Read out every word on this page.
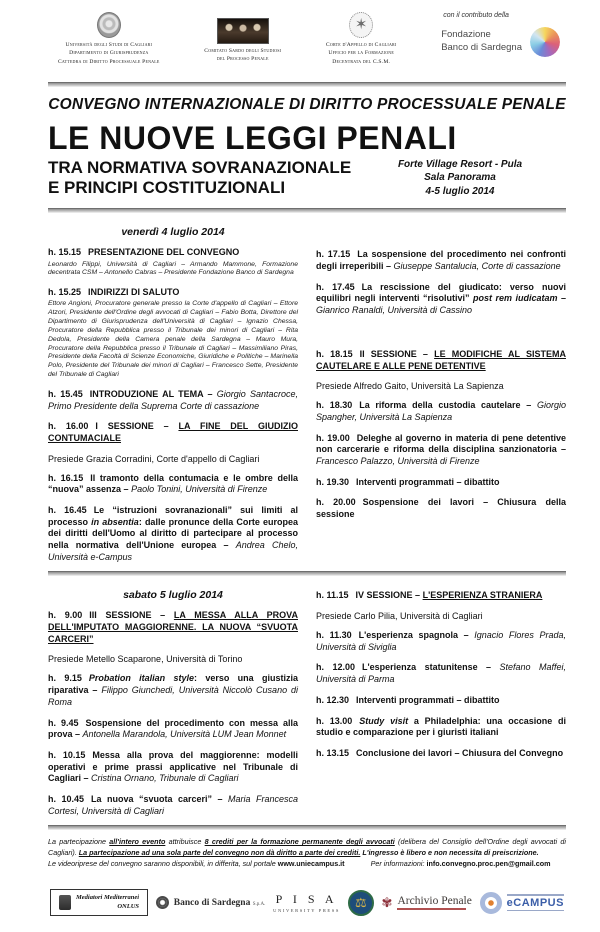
Università degli Studi di Cagliari
Dipartimento di Giurisprudenza
Cattedra di Diritto Processuale Penale
Comitato Sardo degli Studiosi
del Processo Penale
✶
Corte d'Appello di Cagliari
Ufficio per la Formazione
Decentrata del C.S.M.
con il contributo della
Fondazione
Banco di Sardegna
CONVEGNO INTERNAZIONALE DI DIRITTO PROCESSUALE PENALE
LE NUOVE LEGGI PENALI
TRA NORMATIVA SOVRANAZIONALE
E PRINCIPI COSTITUZIONALI
Forte Village Resort - Pula
Sala Panorama
4-5 luglio 2014
venerdì 4 luglio 2014

h. 15.15 PRESENTAZIONE DEL CONVEGNO

Leonardo Filippi, Università di Cagliari – Armando Mammone, Formazione decentrata CSM – Antonello Cabras – Presidente Fondazione Banco di Sardegna

h. 15.25 INDIRIZZI DI SALUTO

Ettore Angioni, Procuratore generale presso la Corte d'appello di Cagliari – Ettore Atzori, Presidente dell'Ordine degli avvocati di Cagliari – Fabio Botta, Direttore del Dipartimento di Giurisprudenza dell'Università di Cagliari – Ignazio Chessa, Procuratore della Repubblica presso il Tribunale dei minori di Cagliari – Rita Dedola, Presidente della Camera penale della Sardegna – Mauro Mura, Procuratore della Repubblica presso il Tribunale di Cagliari – Massimiliano Piras, Presidente della Facoltà di Scienze Economiche, Giuridiche e Politiche – Marinella Polo, Presidente del Tribunale dei minori di Cagliari – Francesco Sette, Presidente del Tribunale di Cagliari

h. 15.45 INTRODUZIONE AL TEMA – Giorgio Santacroce, Primo Presidente della Suprema Corte di cassazione

h. 16.00 I SESSIONE – LA FINE DEL GIUDIZIO CONTUMACIALE

Presiede Grazia Corradini, Corte d'appello di Cagliari

h. 16.15 Il tramonto della contumacia e le ombre della “nuova” assenza – Paolo Tonini, Università di Firenze

h. 16.45 Le “istruzioni sovranazionali” sui limiti al processo in absentia: dalle pronunce della Corte europea dei diritti dell'Uomo al diritto di partecipare al processo nella normativa dell'Unione europea – Andrea Chelo, Università e-Campus

h. 17.15 La sospensione del procedimento nei confronti degli irreperibili – Giuseppe Santalucia, Corte di cassazione

h. 17.45 La rescissione del giudicato: verso nuovi equilibri negli interventi “risolutivi” post rem iudicatam – Gianrico Ranaldi, Università di Cassino

h. 18.15 II SESSIONE – LE MODIFICHE AL SISTEMA CAUTELARE E ALLE PENE DETENTIVE

Presiede Alfredo Gaito, Università La Sapienza

h. 18.30 La riforma della custodia cautelare – Giorgio Spangher, Università La Sapienza

h. 19.00 Deleghe al governo in materia di pene detentive non carcerarie e riforma della disciplina sanzionatoria – Francesco Palazzo, Università di Firenze

h. 19.30 Interventi programmati – dibattito

h. 20.00 Sospensione dei lavori – Chiusura della sessione

sabato 5 luglio 2014

h. 9.00 III SESSIONE – LA MESSA ALLA PROVA DELL'IMPUTATO MAGGIORENNE. LA NUOVA “SVUOTA CARCERI”

Presiede Metello Scaparone, Università di Torino

h. 9.15 Probation italian style: verso una giustizia riparativa – Filippo Giunchedi, Università Niccolò Cusano di Roma

h. 9.45 Sospensione del procedimento con messa alla prova – Antonella Marandola, Università LUM Jean Monnet

h. 10.15 Messa alla prova del maggiorenne: modelli operativi e prime prassi applicative nel Tribunale di Cagliari – Cristina Ornano, Tribunale di Cagliari

h. 10.45 La nuova “svuota carceri” – Maria Francesca Cortesi, Università di Cagliari

h. 11.15 IV SESSIONE – L'ESPERIENZA STRANIERA

Presiede Carlo Pilia, Università di Cagliari

h. 11.30 L'esperienza spagnola – Ignacio Flores Prada, Università di Siviglia

h. 12.00 L'esperienza statunitense – Stefano Maffei, Università di Parma

h. 12.30 Interventi programmati – dibattito

h. 13.00 Study visit a Philadelphia: una occasione di studio e comparazione per i giuristi italiani

h. 13.15 Conclusione dei lavori – Chiusura del Convegno

La partecipazione all'intero evento attribuisce 8 crediti per la formazione permanente degli avvocati (delibera del Consiglio dell'Ordine degli avvocati di Cagliari). La partecipazione ad una sola parte del convegno non dà diritto a parte dei crediti. L'ingresso è libero e non necessita di preiscrizione.
Le videoriprese del convegno saranno disponibili, in differita, sul portale www.uniecampus.it	Per informazioni: info.convegno.proc.pen@gmail.com

Mediatori Mediterranei
ONLUS	Banco di Sardegna S.p.A. P I S A
UNIVERSITY PRESS
⚖	✾ Archivio Penale	eCAMPUS
